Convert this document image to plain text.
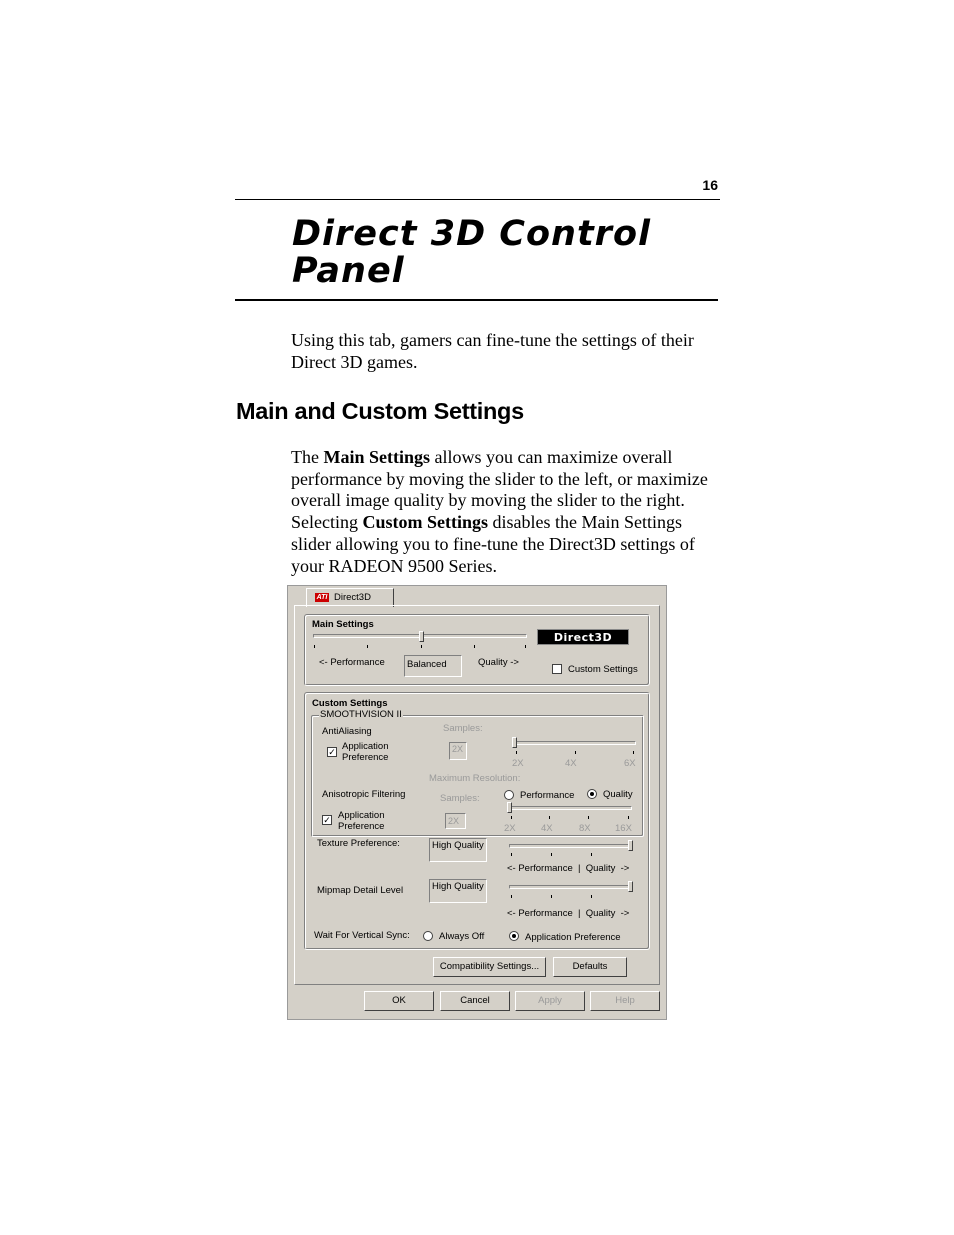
16
Direct 3D Control Panel
Using this tab, gamers can fine-tune the settings of their Direct 3D games.
Main and Custom Settings
The Main Settings allows you can maximize overall performance by moving the slider to the left, or maximize overall image quality by moving the slider to the right. Selecting Custom Settings disables the Main Settings slider allowing you to fine-tune the Direct3D settings of your RADEON 9500 Series.
ATI Direct3D
Main Settings
<- Performance	Balanced	Quality ->
Direct3D
Custom Settings
Custom Settings
SMOOTHVISION II
AntiAliasing
✓ Application
Preference
Samples:
2X
2X	4X	6X
Maximum Resolution:
Anisotropic Filtering	Samples:	Performance	Quality
✓ Application
Preference	2X
2X	4X	8X	16X
Texture Preference:	High Quality
<- Performance  |  Quality  ->
Mipmap Detail Level	High Quality
<- Performance  |  Quality  ->
Wait For Vertical Sync:	Always Off	Application Preference
Compatibility Settings...	Defaults
OK	Cancel	Apply	Help
